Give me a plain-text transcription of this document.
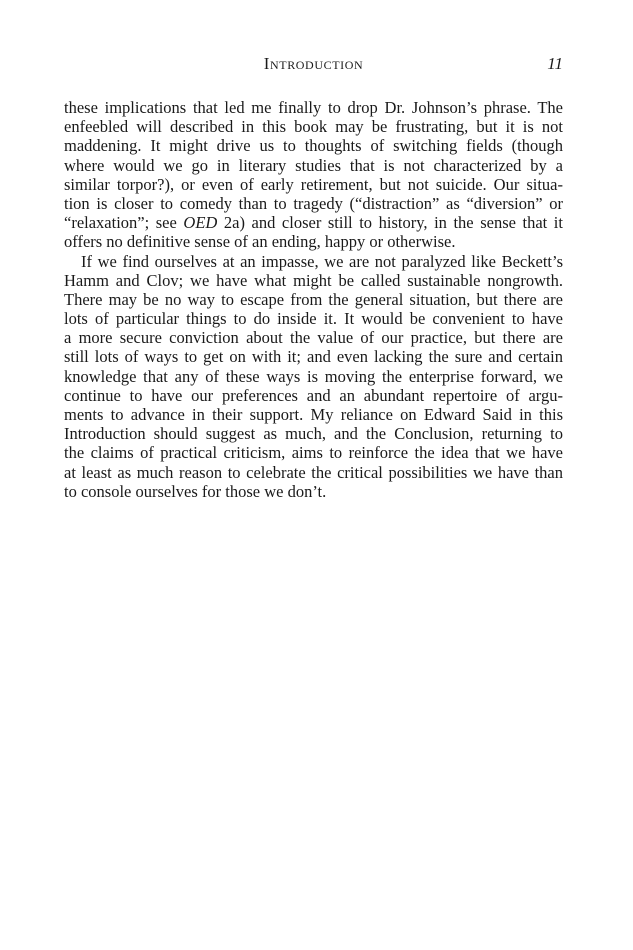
Introduction	11
these implications that led me finally to drop Dr. Johnson’s phrase. The
enfeebled will described in this book may be frustrating, but it is not
maddening. It might drive us to thoughts of switching fields (though
where would we go in literary studies that is not characterized by a
similar torpor?), or even of early retirement, but not suicide. Our situa-
tion is closer to comedy than to tragedy (“distraction” as “diversion” or
“relaxation”; see OED 2a) and closer still to history, in the sense that it
offers no definitive sense of an ending, happy or otherwise.
If we find ourselves at an impasse, we are not paralyzed like Beckett’s
Hamm and Clov; we have what might be called sustainable nongrowth.
There may be no way to escape from the general situation, but there are
lots of particular things to do inside it. It would be convenient to have
a more secure conviction about the value of our practice, but there are
still lots of ways to get on with it; and even lacking the sure and certain
knowledge that any of these ways is moving the enterprise forward, we
continue to have our preferences and an abundant repertoire of argu-
ments to advance in their support. My reliance on Edward Said in this
Introduction should suggest as much, and the Conclusion, returning to
the claims of practical criticism, aims to reinforce the idea that we have
at least as much reason to celebrate the critical possibilities we have than
to console ourselves for those we don’t.
